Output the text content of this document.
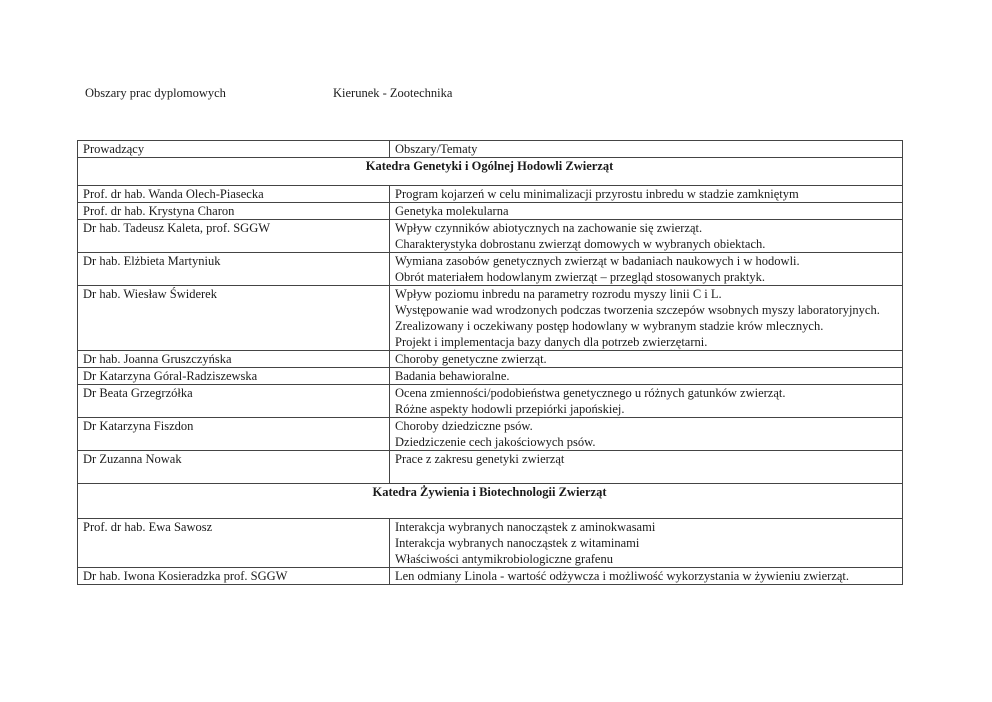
Obszary prac dyplomowych	Kierunek - Zootechnika
Prowadzący	Obszary/Tematy
Katedra Genetyki i Ogólnej Hodowli Zwierząt	
Prof. dr hab. Wanda Olech-Piasecka	Program kojarzeń w celu minimalizacji przyrostu inbredu w stadzie zamkniętym

Prof. dr hab. Krystyna Charon	Genetyka molekularna

Dr hab. Tadeusz Kaleta, prof. SGGW	Wpływ czynników abiotycznych na zachowanie się zwierząt.
Charakterystyka dobrostanu zwierząt domowych w wybranych obiektach.

Dr hab. Elżbieta Martyniuk	Wymiana zasobów genetycznych zwierząt w badaniach naukowych i w hodowli.
Obrót materiałem hodowlanym zwierząt – przegląd stosowanych praktyk.

Dr hab. Wiesław Świderek	Wpływ poziomu inbredu na parametry rozrodu myszy linii C i L.
Występowanie wad wrodzonych podczas tworzenia szczepów wsobnych myszy laboratoryjnych.
Zrealizowany i oczekiwany postęp hodowlany w wybranym stadzie krów mlecznych.
Projekt i implementacja bazy danych dla potrzeb zwierzętarni.

Dr hab. Joanna Gruszczyńska	Choroby genetyczne zwierząt.

Dr Katarzyna Góral-Radziszewska	Badania behawioralne.

Dr Beata Grzegrzółka	Ocena zmienności/podobieństwa genetycznego u różnych gatunków zwierząt.
Różne aspekty hodowli przepiórki japońskiej.

Dr Katarzyna Fiszdon	Choroby dziedziczne psów.
Dziedziczenie cech jakościowych psów.

Dr Zuzanna Nowak	Prace z zakresu genetyki zwierząt

Katedra Żywienia i Biotechnologii Zwierząt	
Prof. dr hab. Ewa Sawosz	Interakcja wybranych nanocząstek z aminokwasami
Interakcja wybranych nanocząstek z witaminami
Właściwości antymikrobiologiczne grafenu

Dr hab. Iwona Kosieradzka prof. SGGW	Len odmiany Linola - wartość odżywcza i możliwość wykorzystania w żywieniu zwierząt.
